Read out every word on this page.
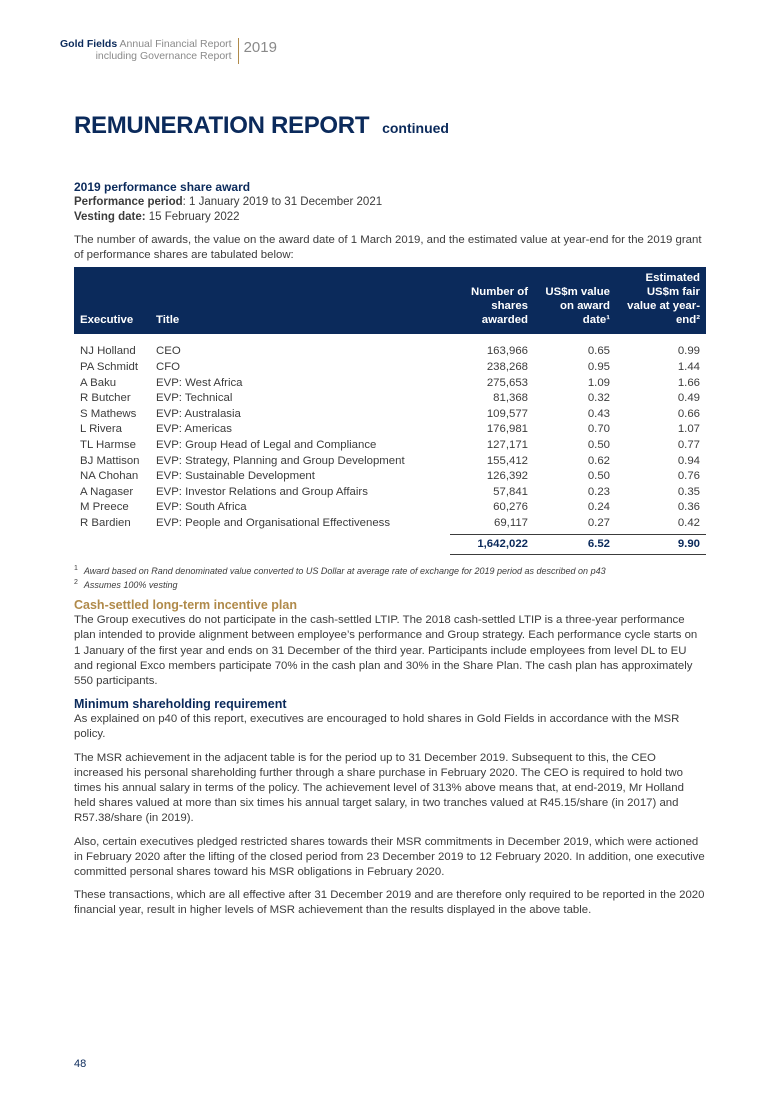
Gold Fields Annual Financial Report
including Governance Report 2019
REMUNERATION REPORT continued
2019 performance share award
Performance period: 1 January 2019 to 31 December 2021
Vesting date: 15 February 2022

The number of awards, the value on the award date of 1 March 2019, and the estimated value at year-end for the 2019 grant of performance shares are tabulated below:

Executive	Title	Number of shares awarded	US$m value on award date¹	Estimated US$m fair value at year-end²
NJ Holland	CEO	163,966	0.65	0.99
PA Schmidt	CFO	238,268	0.95	1.44
A Baku	EVP: West Africa	275,653	1.09	1.66
R Butcher	EVP: Technical	81,368	0.32	0.49
S Mathews	EVP: Australasia	109,577	0.43	0.66
L Rivera	EVP: Americas	176,981	0.70	1.07
TL Harmse	EVP: Group Head of Legal and Compliance	127,171	0.50	0.77
BJ Mattison	EVP: Strategy, Planning and Group Development	155,412	0.62	0.94
NA Chohan	EVP: Sustainable Development	126,392	0.50	0.76
A Nagaser	EVP: Investor Relations and Group Affairs	57,841	0.23	0.35
M Preece	EVP: South Africa	60,276	0.24	0.36
R Bardien	EVP: People and Organisational Effectiveness	69,117	0.27	0.42
		1,642,022	6.52	9.90
$^1$ Award based on Rand denominated value converted to US Dollar at average rate of exchange for 2019 period as described on p43
$^2$ Assumes 100% vesting
Cash-settled long-term incentive plan

The Group executives do not participate in the cash-settled LTIP. The 2018 cash-settled LTIP is a three-year performance plan intended to provide alignment between employee’s performance and Group strategy. Each performance cycle starts on 1 January of the first year and ends on 31 December of the third year. Participants include employees from level DL to EU and regional Exco members participate 70% in the cash plan and 30% in the Share Plan. The cash plan has approximately 550 participants.

Minimum shareholding requirement

As explained on p40 of this report, executives are encouraged to hold shares in Gold Fields in accordance with the MSR policy.

The MSR achievement in the adjacent table is for the period up to 31 December 2019. Subsequent to this, the CEO increased his personal shareholding further through a share purchase in February 2020. The CEO is required to hold two times his annual salary in terms of the policy. The achievement level of 313% above means that, at end-2019, Mr Holland held shares valued at more than six times his annual target salary, in two tranches valued at R45.15/share (in 2017) and R57.38/share (in 2019).

Also, certain executives pledged restricted shares towards their MSR commitments in December 2019, which were actioned in February 2020 after the lifting of the closed period from 23 December 2019 to 12 February 2020. In addition, one executive committed personal shares toward his MSR obligations in February 2020.

These transactions, which are all effective after 31 December 2019 and are therefore only required to be reported in the 2020 financial year, result in higher levels of MSR achievement than the results displayed in the above table.

48
